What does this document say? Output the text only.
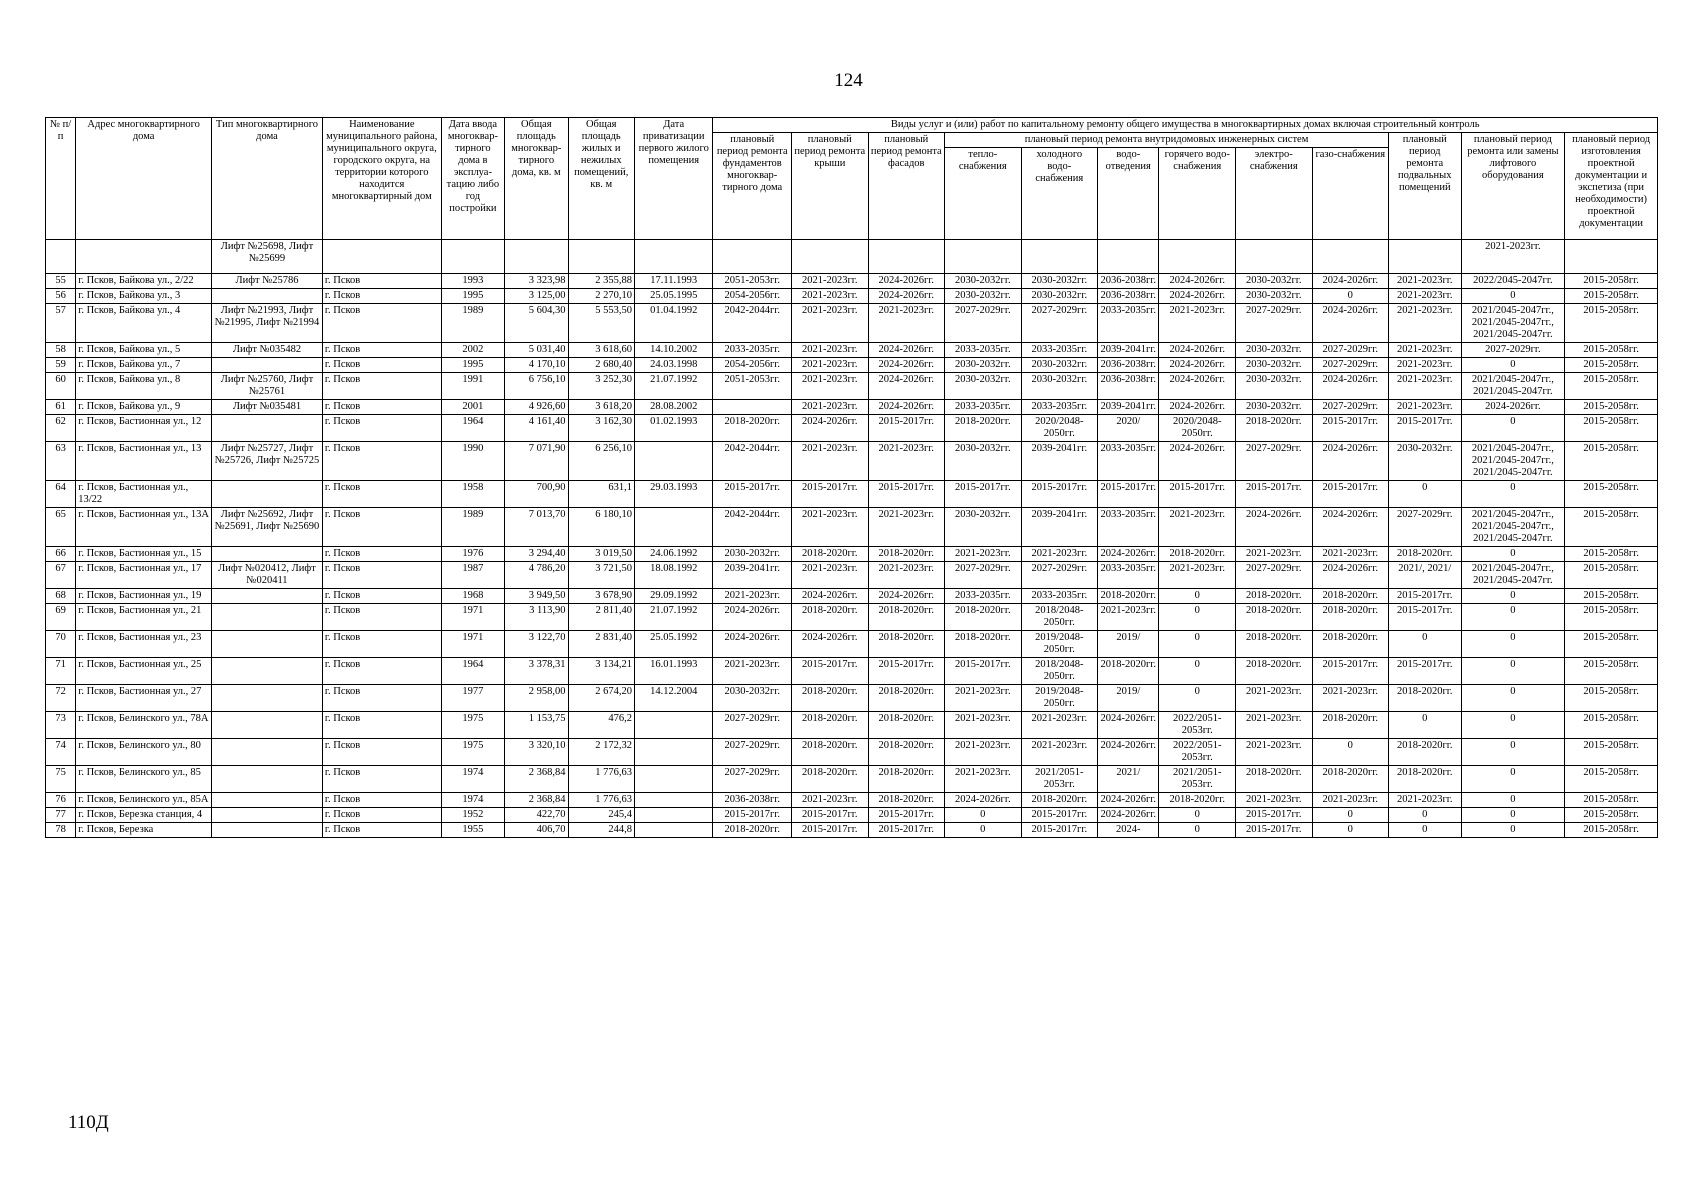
124
№ п/п	Адрес многоквартирного дома	Тип многоквартирного дома	Наименование муниципального района, муниципального округа, городского округа, на территории которого находится многоквартирный дом	Дата ввода многоквар-тирного дома в эксплуа-тацию либо год постройки	Общая площадь многоквар-тирного дома, кв. м	Общая площадь жилых и нежилых помещений, кв. м	Дата приватизации первого жилого помещения	Виды услуг и (или) работ по капитальному ремонту общего имущества в многоквартирных домах включая строительный контроль											
								плановый период ремонта фундаментов многоквар-тирного дома	плановый период ремонта крыши	плановый период ремонта фасадов	плановый период ремонта внутридомовых инженерных систем						плановый период ремонта подвальных помещений	плановый период ремонта или замены лифтового оборудования	плановый период изготовления проектной документации и экспетиза (при необходимости) проектной документации
											тепло-снабжения	холодного водо-снабжения	водо-отведения	горячего водо-снабжения	электро-снабжения	газо-снабжения			
		Лифт №25698, Лифт №25699																2021-2023гг.	
55	г. Псков, Байкова ул., 2/22	Лифт №25786	г. Псков	1993	3 323,98	2 355,88	17.11.1993	2051-2053гг.	2021-2023гг.	2024-2026гг.	2030-2032гг.	2030-2032гг.	2036-2038гг.	2024-2026гг.	2030-2032гг.	2024-2026гг.	2021-2023гг.	2022/2045-2047гг.	2015-2058гг.
56	г. Псков, Байкова ул., 3		г. Псков	1995	3 125,00	2 270,10	25.05.1995	2054-2056гг.	2021-2023гг.	2024-2026гг.	2030-2032гг.	2030-2032гг.	2036-2038гг.	2024-2026гг.	2030-2032гг.	0	2021-2023гг.	0	2015-2058гг.
57	г. Псков, Байкова ул., 4	Лифт №21993, Лифт №21995, Лифт №21994	г. Псков	1989	5 604,30	5 553,50	01.04.1992	2042-2044гг.	2021-2023гг.	2021-2023гг.	2027-2029гг.	2027-2029гг.	2033-2035гг.	2021-2023гг.	2027-2029гг.	2024-2026гг.	2021-2023гг.	2021/2045-2047гг., 2021/2045-2047гг., 2021/2045-2047гг.	2015-2058гг.
58	г. Псков, Байкова ул., 5	Лифт №035482	г. Псков	2002	5 031,40	3 618,60	14.10.2002	2033-2035гг.	2021-2023гг.	2024-2026гг.	2033-2035гг.	2033-2035гг.	2039-2041гг.	2024-2026гг.	2030-2032гг.	2027-2029гг.	2021-2023гг.	2027-2029гг.	2015-2058гг.
59	г. Псков, Байкова ул., 7		г. Псков	1995	4 170,10	2 680,40	24.03.1998	2054-2056гг.	2021-2023гг.	2024-2026гг.	2030-2032гг.	2030-2032гг.	2036-2038гг.	2024-2026гг.	2030-2032гг.	2027-2029гг.	2021-2023гг.	0	2015-2058гг.
60	г. Псков, Байкова ул., 8	Лифт №25760, Лифт №25761	г. Псков	1991	6 756,10	3 252,30	21.07.1992	2051-2053гг.	2021-2023гг.	2024-2026гг.	2030-2032гг.	2030-2032гг.	2036-2038гг.	2024-2026гг.	2030-2032гг.	2024-2026гг.	2021-2023гг.	2021/2045-2047гг., 2021/2045-2047гг.	2015-2058гг.
61	г. Псков, Байкова ул., 9	Лифт №035481	г. Псков	2001	4 926,60	3 618,20	28.08.2002		2021-2023гг.	2024-2026гг.	2033-2035гг.	2033-2035гг.	2039-2041гг.	2024-2026гг.	2030-2032гг.	2027-2029гг.	2021-2023гг.	2024-2026гг.	2015-2058гг.
62	г. Псков, Бастионная ул., 12		г. Псков	1964	4 161,40	3 162,30	01.02.1993	2018-2020гг.	2024-2026гг.	2015-2017гг.	2018-2020гг.	2020/2048-2050гг.	2020/	2020/2048-2050гг.	2018-2020гг.	2015-2017гг.	2015-2017гг.	0	2015-2058гг.
63	г. Псков, Бастионная ул., 13	Лифт №25727, Лифт №25726, Лифт №25725	г. Псков	1990	7 071,90	6 256,10		2042-2044гг.	2021-2023гг.	2021-2023гг.	2030-2032гг.	2039-2041гг.	2033-2035гг.	2024-2026гг.	2027-2029гг.	2024-2026гг.	2030-2032гг.	2021/2045-2047гг., 2021/2045-2047гг., 2021/2045-2047гг.	2015-2058гг.
64	г. Псков, Бастионная ул., 13/22		г. Псков	1958	700,90	631,1	29.03.1993	2015-2017гг.	2015-2017гг.	2015-2017гг.	2015-2017гг.	2015-2017гг.	2015-2017гг.	2015-2017гг.	2015-2017гг.	2015-2017гг.	0	0	2015-2058гг.
65	г. Псков, Бастионная ул., 13А	Лифт №25692, Лифт №25691, Лифт №25690	г. Псков	1989	7 013,70	6 180,10		2042-2044гг.	2021-2023гг.	2021-2023гг.	2030-2032гг.	2039-2041гг.	2033-2035гг.	2021-2023гг.	2024-2026гг.	2024-2026гг.	2027-2029гг.	2021/2045-2047гг., 2021/2045-2047гг., 2021/2045-2047гг.	2015-2058гг.
66	г. Псков, Бастионная ул., 15		г. Псков	1976	3 294,40	3 019,50	24.06.1992	2030-2032гг.	2018-2020гг.	2018-2020гг.	2021-2023гг.	2021-2023гг.	2024-2026гг.	2018-2020гг.	2021-2023гг.	2021-2023гг.	2018-2020гг.	0	2015-2058гг.
67	г. Псков, Бастионная ул., 17	Лифт №020412, Лифт №020411	г. Псков	1987	4 786,20	3 721,50	18.08.1992	2039-2041гг.	2021-2023гг.	2021-2023гг.	2027-2029гг.	2027-2029гг.	2033-2035гг.	2021-2023гг.	2027-2029гг.	2024-2026гг.	2021/, 2021/	2021/2045-2047гг., 2021/2045-2047гг.	2015-2058гг.
68	г. Псков, Бастионная ул., 19		г. Псков	1968	3 949,50	3 678,90	29.09.1992	2021-2023гг.	2024-2026гг.	2024-2026гг.	2033-2035гг.	2033-2035гг.	2018-2020гг.	0	2018-2020гг.	2018-2020гг.	2015-2017гг.	0	2015-2058гг.
69	г. Псков, Бастионная ул., 21		г. Псков	1971	3 113,90	2 811,40	21.07.1992	2024-2026гг.	2018-2020гг.	2018-2020гг.	2018-2020гг.	2018/2048-2050гг.	2021-2023гг.	0	2018-2020гг.	2018-2020гг.	2015-2017гг.	0	2015-2058гг.
70	г. Псков, Бастионная ул., 23		г. Псков	1971	3 122,70	2 831,40	25.05.1992	2024-2026гг.	2024-2026гг.	2018-2020гг.	2018-2020гг.	2019/2048-2050гг.	2019/	0	2018-2020гг.	2018-2020гг.	0	0	2015-2058гг.
71	г. Псков, Бастионная ул., 25		г. Псков	1964	3 378,31	3 134,21	16.01.1993	2021-2023гг.	2015-2017гг.	2015-2017гг.	2015-2017гг.	2018/2048-2050гг.	2018-2020гг.	0	2018-2020гг.	2015-2017гг.	2015-2017гг.	0	2015-2058гг.
72	г. Псков, Бастионная ул., 27		г. Псков	1977	2 958,00	2 674,20	14.12.2004	2030-2032гг.	2018-2020гг.	2018-2020гг.	2021-2023гг.	2019/2048-2050гг.	2019/	0	2021-2023гг.	2021-2023гг.	2018-2020гг.	0	2015-2058гг.
73	г. Псков, Белинского ул., 78А		г. Псков	1975	1 153,75	476,2		2027-2029гг.	2018-2020гг.	2018-2020гг.	2021-2023гг.	2021-2023гг.	2024-2026гг.	2022/2051-2053гг.	2021-2023гг.	2018-2020гг.	0	0	2015-2058гг.
74	г. Псков, Белинского ул., 80		г. Псков	1975	3 320,10	2 172,32		2027-2029гг.	2018-2020гг.	2018-2020гг.	2021-2023гг.	2021-2023гг.	2024-2026гг.	2022/2051-2053гг.	2021-2023гг.	0	2018-2020гг.	0	2015-2058гг.
75	г. Псков, Белинского ул., 85		г. Псков	1974	2 368,84	1 776,63		2027-2029гг.	2018-2020гг.	2018-2020гг.	2021-2023гг.	2021/2051-2053гг.	2021/	2021/2051-2053гг.	2018-2020гг.	2018-2020гг.	2018-2020гг.	0	2015-2058гг.
76	г. Псков, Белинского ул., 85А		г. Псков	1974	2 368,84	1 776,63		2036-2038гг.	2021-2023гг.	2018-2020гг.	2024-2026гг.	2018-2020гг.	2024-2026гг.	2018-2020гг.	2021-2023гг.	2021-2023гг.	2021-2023гг.	0	2015-2058гг.
77	г. Псков, Березка станция, 4		г. Псков	1952	422,70	245,4		2015-2017гг.	2015-2017гг.	2015-2017гг.	0	2015-2017гг.	2024-2026гг.	0	2015-2017гг.	0	0	0	2015-2058гг.
78	г. Псков, Березка		г. Псков	1955	406,70	244,8		2018-2020гг.	2015-2017гг.	2015-2017гг.	0	2015-2017гг.	2024-	0	2015-2017гг.	0	0	0	2015-2058гг.
110Д
